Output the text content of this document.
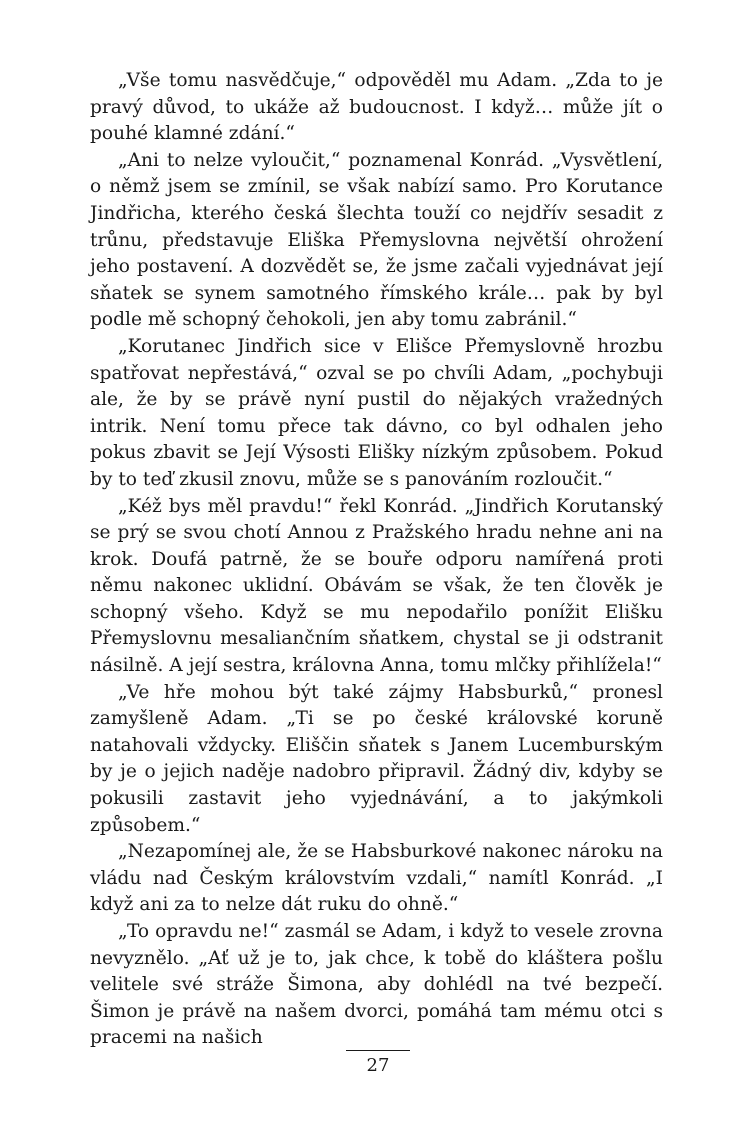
„Vše tomu nasvědčuje,“ odpověděl mu Adam. „Zda to je pravý důvod, to ukáže až budoucnost. I když… může jít o pouhé klamné zdání.“

„Ani to nelze vyloučit,“ poznamenal Konrád. „Vysvětlení, o němž jsem se zmínil, se však nabízí samo. Pro Korutance Jindřicha, kterého česká šlechta touží co nejdřív sesadit z trůnu, představuje Eliška Přemyslovna největší ohrožení jeho postavení. A dozvědět se, že jsme začali vyjednávat její sňatek se synem samotného římského krále… pak by byl podle mě schopný čehokoli, jen aby tomu zabránil.“

„Korutanec Jindřich sice v Elišce Přemyslovně hrozbu spatřovat nepřestává,“ ozval se po chvíli Adam, „pochybuji ale, že by se právě nyní pustil do nějakých vražedných intrik. Není tomu přece tak dávno, co byl odhalen jeho pokus zbavit se Její Výsosti Elišky nízkým způsobem. Pokud by to teď zkusil znovu, může se s panováním rozloučit.“

„Kéž bys měl pravdu!“ řekl Konrád. „Jindřich Korutanský se prý se svou chotí Annou z Pražského hradu nehne ani na krok. Doufá patrně, že se bouře odporu namířená proti němu nakonec uklidní. Obávám se však, že ten člověk je schopný všeho. Když se mu nepodařilo ponížit Elišku Přemyslovnu mesaliančním sňatkem, chystal se ji odstranit násilně. A její sestra, královna Anna, tomu mlčky přihlížela!“

„Ve hře mohou být také zájmy Habsburků,“ pronesl zamyšleně Adam. „Ti se po české královské koruně natahovali vždycky. Eliščin sňatek s Janem Lucemburským by je o jejich naděje nadobro připravil. Žádný div, kdyby se pokusili zastavit jeho vyjednávání, a to jakýmkoli způsobem.“

„Nezapomínej ale, že se Habsburkové nakonec nároku na vládu nad Českým královstvím vzdali,“ namítl Konrád. „I když ani za to nelze dát ruku do ohně.“

„To opravdu ne!“ zasmál se Adam, i když to vesele zrovna nevyznělo. „Ať už je to, jak chce, k tobě do kláštera pošlu velitele své stráže Šimona, aby dohlédl na tvé bezpečí. Šimon je právě na našem dvorci, pomáhá tam mému otci s pracemi na našich

27
